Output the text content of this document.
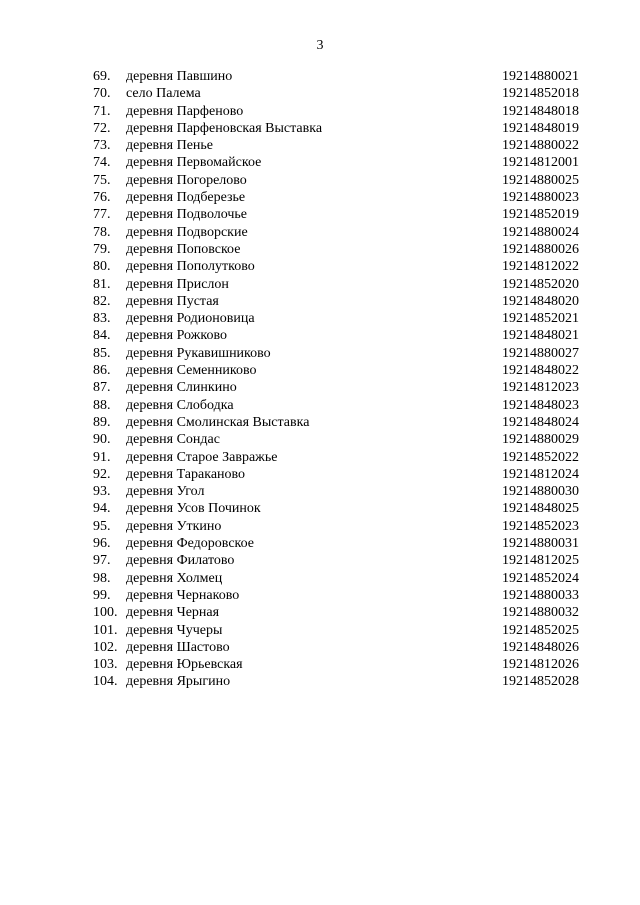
3
69. деревня Павшино	19214880021
70. село Палема	19214852018
71. деревня Парфеново	19214848018
72. деревня Парфеновская Выставка	19214848019
73. деревня Пенье	19214880022
74. деревня Первомайское	19214812001
75. деревня Погорелово	19214880025
76. деревня Подберезье	19214880023
77. деревня Подволочье	19214852019
78. деревня Подворские	19214880024
79. деревня Поповское	19214880026
80. деревня Пополутково	19214812022
81. деревня Прислон	19214852020
82. деревня Пустая	19214848020
83. деревня Родионовица	19214852021
84. деревня Рожково	19214848021
85. деревня Рукавишниково	19214880027
86. деревня Семенниково	19214848022
87. деревня Слинкино	19214812023
88. деревня Слободка	19214848023
89. деревня Смолинская Выставка	19214848024
90. деревня Сондас	19214880029
91. деревня Старое Завражье	19214852022
92. деревня Тараканово	19214812024
93. деревня Угол	19214880030
94. деревня Усов Починок	19214848025
95. деревня Уткино	19214852023
96. деревня Федоровское	19214880031
97. деревня Филатово	19214812025
98. деревня Холмец	19214852024
99. деревня Чернаково	19214880033
100. деревня Черная	19214880032
101. деревня Чучеры	19214852025
102. деревня Шастово	19214848026
103. деревня Юрьевская	19214812026
104. деревня Ярыгино	19214852028
